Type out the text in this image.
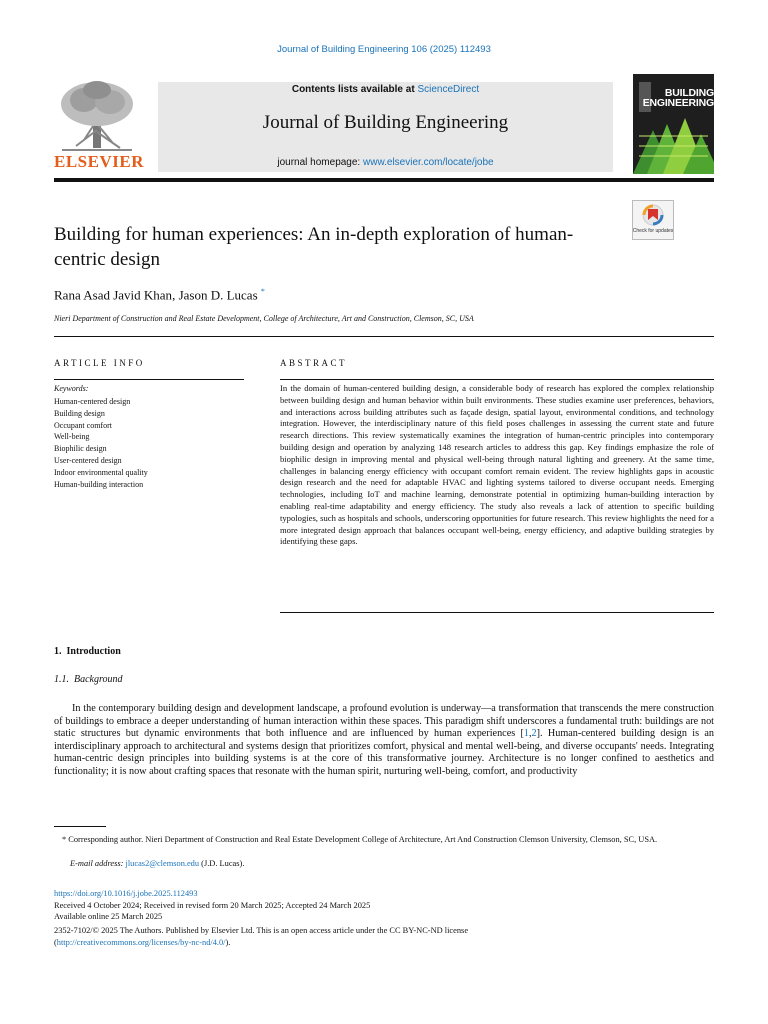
Journal of Building Engineering 106 (2025) 112493
ELSEVIER
Contents lists available at ScienceDirect
Journal of Building Engineering
journal homepage: www.elsevier.com/locate/jobe
BUILDING ENGINEERING
Building for human experiences: An in-depth exploration of human-centric design
Check for updates
Rana Asad Javid Khan, Jason D. Lucas *
Nieri Department of Construction and Real Estate Development, College of Architecture, Art and Construction, Clemson, SC, USA
ARTICLE INFO
Keywords:
Human-centered design
Building design
Occupant comfort
Well-being
Biophilic design
User-centered design
Indoor environmental quality
Human-building interaction
ABSTRACT
In the domain of human-centered building design, a considerable body of research has explored the complex relationship between building design and human behavior within built environments. These studies examine user preferences, behaviors, and interactions across building attributes such as façade design, spatial layout, environmental conditions, and technology integration. However, the interdisciplinary nature of this field poses challenges in assessing the current state and future research directions. This review systematically examines the integration of human-centric principles into contemporary building design and operation by analyzing 148 research articles to address this gap. Key findings emphasize the role of biophilic design in improving mental and physical well-being through natural lighting and greenery. At the same time, challenges in balancing energy efficiency with occupant comfort remain evident. The review highlights gaps in acoustic design research and the need for adaptable HVAC and lighting systems tailored to diverse occupant needs. Emerging technologies, including IoT and machine learning, demonstrate potential in optimizing human-building interaction by enabling real-time adaptability and energy efficiency. The study also reveals a lack of attention to specific building typologies, such as hospitals and schools, underscoring opportunities for future research. This review highlights the need for a more integrated design approach that balances occupant well-being, energy efficiency, and adaptive building strategies by identifying these gaps.
1. Introduction
1.1. Background
In the contemporary building design and development landscape, a profound evolution is underway—a transformation that transcends the mere construction of buildings to embrace a deeper understanding of human interaction within these spaces. This paradigm shift underscores a fundamental truth: buildings are not static structures but dynamic environments that both influence and are influenced by human experiences [1,2]. Human-centered building design is an interdisciplinary approach to architectural and systems design that prioritizes comfort, physical and mental well-being, and diverse occupants' needs. Integrating human-centric design principles into building systems is at the core of this transformative journey. Architecture is no longer confined to aesthetics and functionality; it is now about crafting spaces that resonate with the human spirit, nurturing well-being, comfort, and productivity
* Corresponding author. Nieri Department of Construction and Real Estate Development College of Architecture, Art And Construction Clemson University, Clemson, SC, USA.
E-mail address: jlucas2@clemson.edu (J.D. Lucas).
https://doi.org/10.1016/j.jobe.2025.112493
Received 4 October 2024; Received in revised form 20 March 2025; Accepted 24 March 2025
Available online 25 March 2025
2352-7102/© 2025 The Authors. Published by Elsevier Ltd. This is an open access article under the CC BY-NC-ND license
(http://creativecommons.org/licenses/by-nc-nd/4.0/).
